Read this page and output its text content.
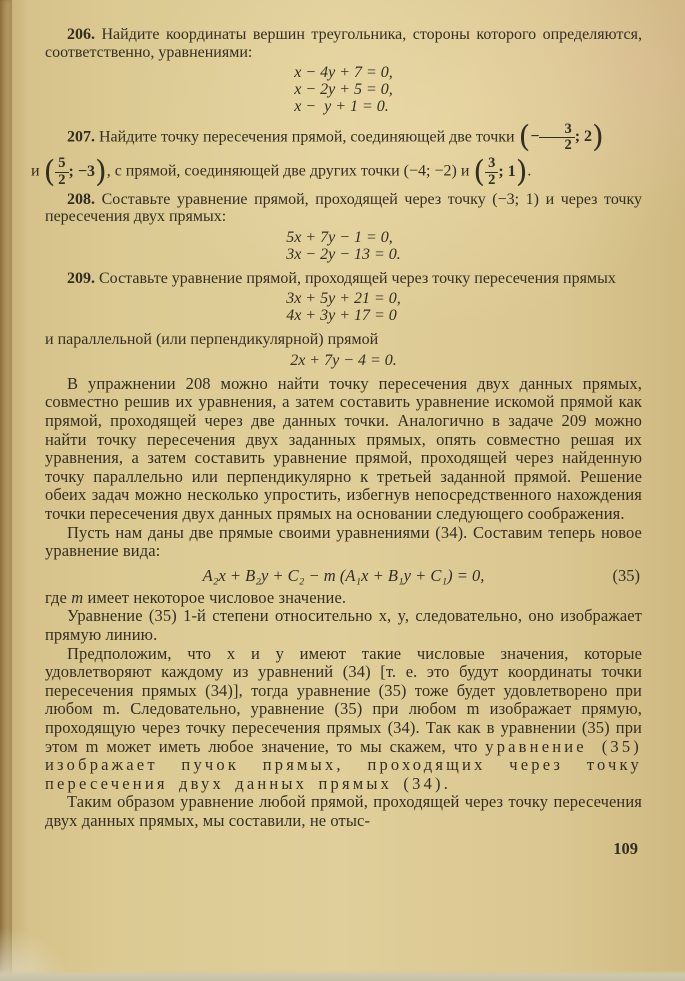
206. Найдите координаты вершин треугольника, стороны которого определяются, соответственно, уравнениями:

x − 4y + 7 = 0,
x − 2y + 5 = 0,
x −  y + 1 = 0.

207. Найдите точку пересечения прямой, соединяющей две точки (− $\frac{3}{2}$ ; 2)

и ( $\frac{5}{2}$ ; −3), с прямой, соединяющей две других точки (−4; −2) и ( $\frac{3}{2}$ ; 1).

208. Составьте уравнение прямой, проходящей через точку (−3; 1) и через точку пересечения двух прямых:

5x + 7y − 1 = 0,
3x − 2y − 13 = 0.

209. Составьте уравнение прямой, проходящей через точку пересечения прямых

3x + 5y + 21 = 0,
4x + 3y + 17 = 0

и параллельной (или перпендикулярной) прямой

2x + 7y − 4 = 0.

В упражнении 208 можно найти точку пересечения двух данных прямых, совместно решив их уравнения, а затем составить уравнение искомой прямой как прямой, проходящей через две данных точки. Аналогично в задаче 209 можно найти точку пересечения двух заданных прямых, опять совместно решая их уравнения, а затем составить уравнение прямой, проходящей через найденную точку параллельно или перпендикулярно к третьей заданной прямой. Решение обеих задач можно несколько упростить, избегнув непосредственного нахождения точки пересечения двух данных прямых на основании следующего соображения.

Пусть нам даны две прямые своими уравнениями (34). Составим теперь новое уравнение вида:

A₂x + B₂y + C₂ − m (A₁x + B₁y + C₁) = 0,	(35)

где m имеет некоторое числовое значение.

Уравнение (35) 1-й степени относительно x, y, следовательно, оно изображает прямую линию.

Предположим, что x и y имеют такие числовые значения, которые удовлетворяют каждому из уравнений (34) [т. е. это будут координаты точки пересечения прямых (34)], тогда уравнение (35) тоже будет удовлетворено при любом m. Следовательно, уравнение (35) при любом m изображает прямую, проходящую через точку пересечения прямых (34). Так как в уравнении (35) при этом m может иметь любое значение, то мы скажем, что уравнение (35) изображает пучок прямых, проходящих через точку пересечения двух данных прямых (34).

Таким образом уравнение любой прямой, проходящей через точку пересечения двух данных прямых, мы составили, не отыс-

109
